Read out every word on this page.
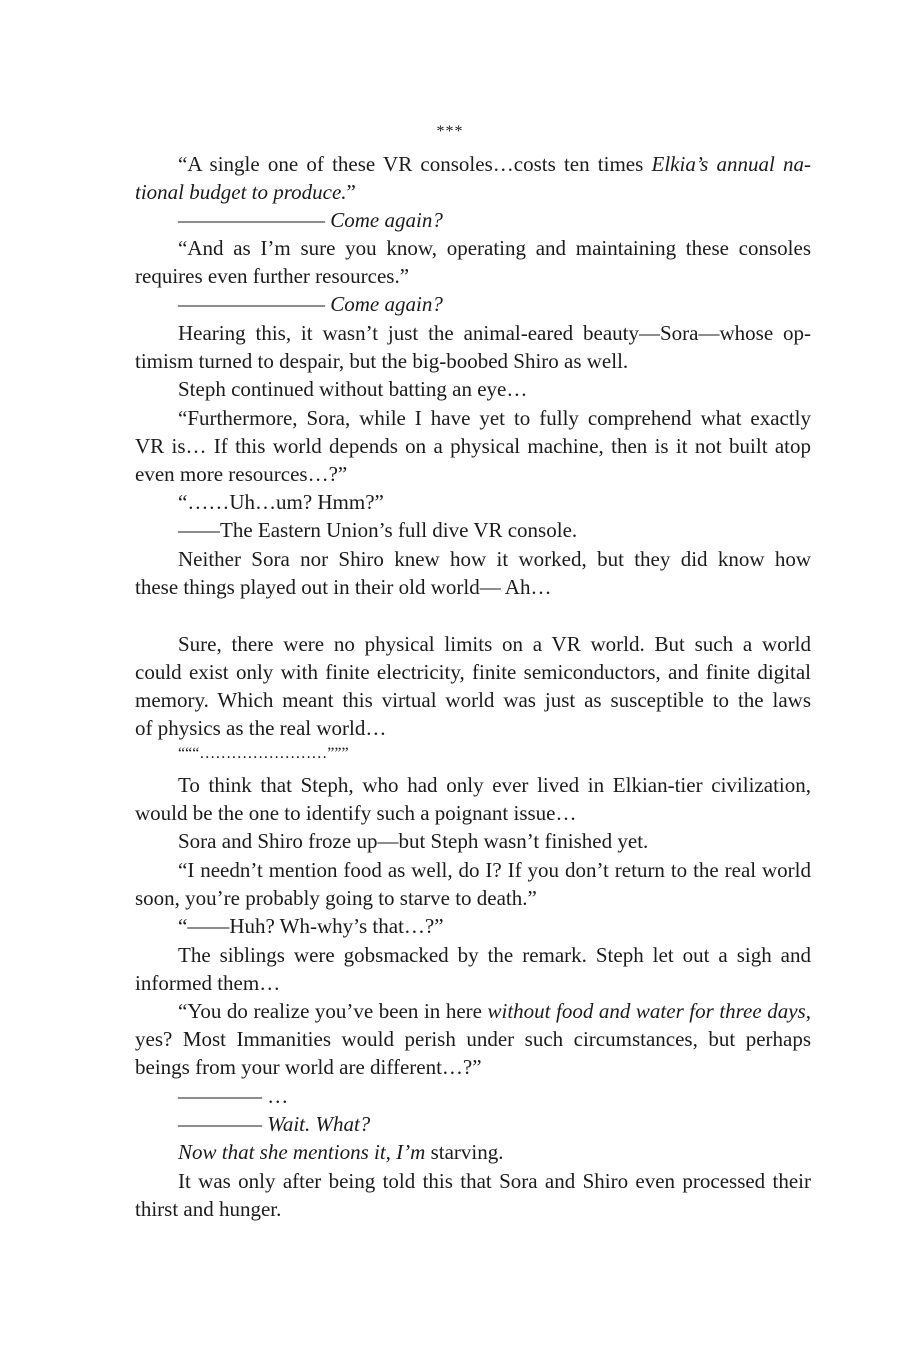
***
“A single one of these VR consoles…costs ten times Elkia’s annual na-
tional budget to produce.”
——————— Come again?
“And as I’m sure you know, operating and maintaining these consoles
requires even further resources.”
——————— Come again?
Hearing this, it wasn’t just the animal-eared beauty—Sora—whose op-
timism turned to despair, but the big-boobed Shiro as well.
Steph continued without batting an eye…
“Furthermore, Sora, while I have yet to fully comprehend what exactly
VR is… If this world depends on a physical machine, then is it not built atop
even more resources…?”
“……Uh…um? Hmm?”
——The Eastern Union’s full dive VR console.
Neither Sora nor Shiro knew how it worked, but they did know how
these things played out in their old world— Ah…
Sure, there were no physical limits on a VR world. But such a world
could exist only with finite electricity, finite semiconductors, and finite digital
memory. Which meant this virtual world was just as susceptible to the laws
of physics as the real world…
“““……………………”””
To think that Steph, who had only ever lived in Elkian-tier civilization,
would be the one to identify such a poignant issue…
Sora and Shiro froze up—but Steph wasn’t finished yet.
“I needn’t mention food as well, do I? If you don’t return to the real world
soon, you’re probably going to starve to death.”
“——Huh? Wh-why’s that…?”
The siblings were gobsmacked by the remark. Steph let out a sigh and
informed them…
“You do realize you’ve been in here without food and water for three days,
yes? Most Immanities would perish under such circumstances, but perhaps
beings from your world are different…?”
———— …
———— Wait. What?
Now that she mentions it, I’m starving.
It was only after being told this that Sora and Shiro even processed their
thirst and hunger.
